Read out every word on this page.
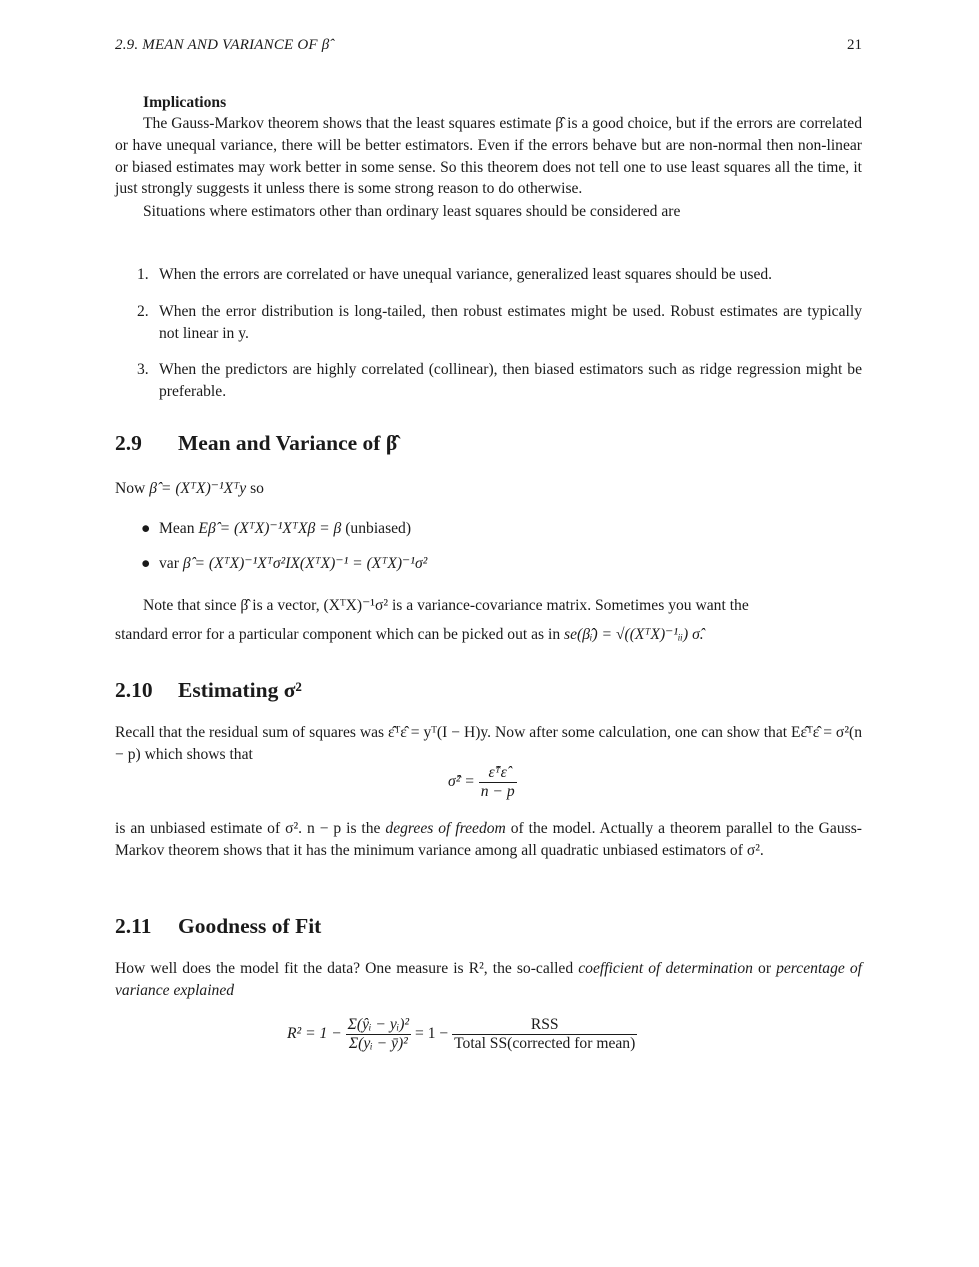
2.9. MEAN AND VARIANCE OF β̂	21
Implications

The Gauss-Markov theorem shows that the least squares estimate β̂ is a good choice, but if the errors are correlated or have unequal variance, there will be better estimators. Even if the errors behave but are non-normal then non-linear or biased estimates may work better in some sense. So this theorem does not tell one to use least squares all the time, it just strongly suggests it unless there is some strong reason to do otherwise.

Situations where estimators other than ordinary least squares should be considered are

1. When the errors are correlated or have unequal variance, generalized least squares should be used.
2. When the error distribution is long-tailed, then robust estimates might be used. Robust estimates are typically not linear in y.
3. When the predictors are highly correlated (collinear), then biased estimators such as ridge regression might be preferable.
2.9 Mean and Variance of β̂

Now β̂ = (XᵀX)⁻¹Xᵀy so

● Mean Eβ̂ = (XᵀX)⁻¹XᵀXβ = β (unbiased)
● var β̂ = (XᵀX)⁻¹Xᵀσ²IX(XᵀX)⁻¹ = (XᵀX)⁻¹σ²

Note that since β̂ is a vector, (XᵀX)⁻¹σ² is a variance-covariance matrix. Sometimes you want the

standard error for a particular component which can be picked out as in se(β̂ᵢ) = √((XᵀX)⁻¹ᵢᵢ) σ̂.

2.10 Estimating σ²

Recall that the residual sum of squares was ε̂ᵀε̂ = yᵀ(I − H)y. Now after some calculation, one can show that Eε̂ᵀε̂ = σ²(n − p) which shows that

σ̂² = $\frac{\text{ε̂ᵀε̂}}{n - p}$

is an unbiased estimate of σ². n − p is the degrees of freedom of the model. Actually a theorem parallel to the Gauss-Markov theorem shows that it has the minimum variance among all quadratic unbiased estimators of σ².

2.11 Goodness of Fit

How well does the model fit the data? One measure is R², the so-called coefficient of determination or percentage of variance explained

$R^2 = 1 - \frac{\text{Σ(ŷᵢ − yᵢ)²}}{\text{Σ(yᵢ − ȳ)²}} = 1 - \frac{\text{RSS}}{\text{Total SS(corrected for mean)}}$
